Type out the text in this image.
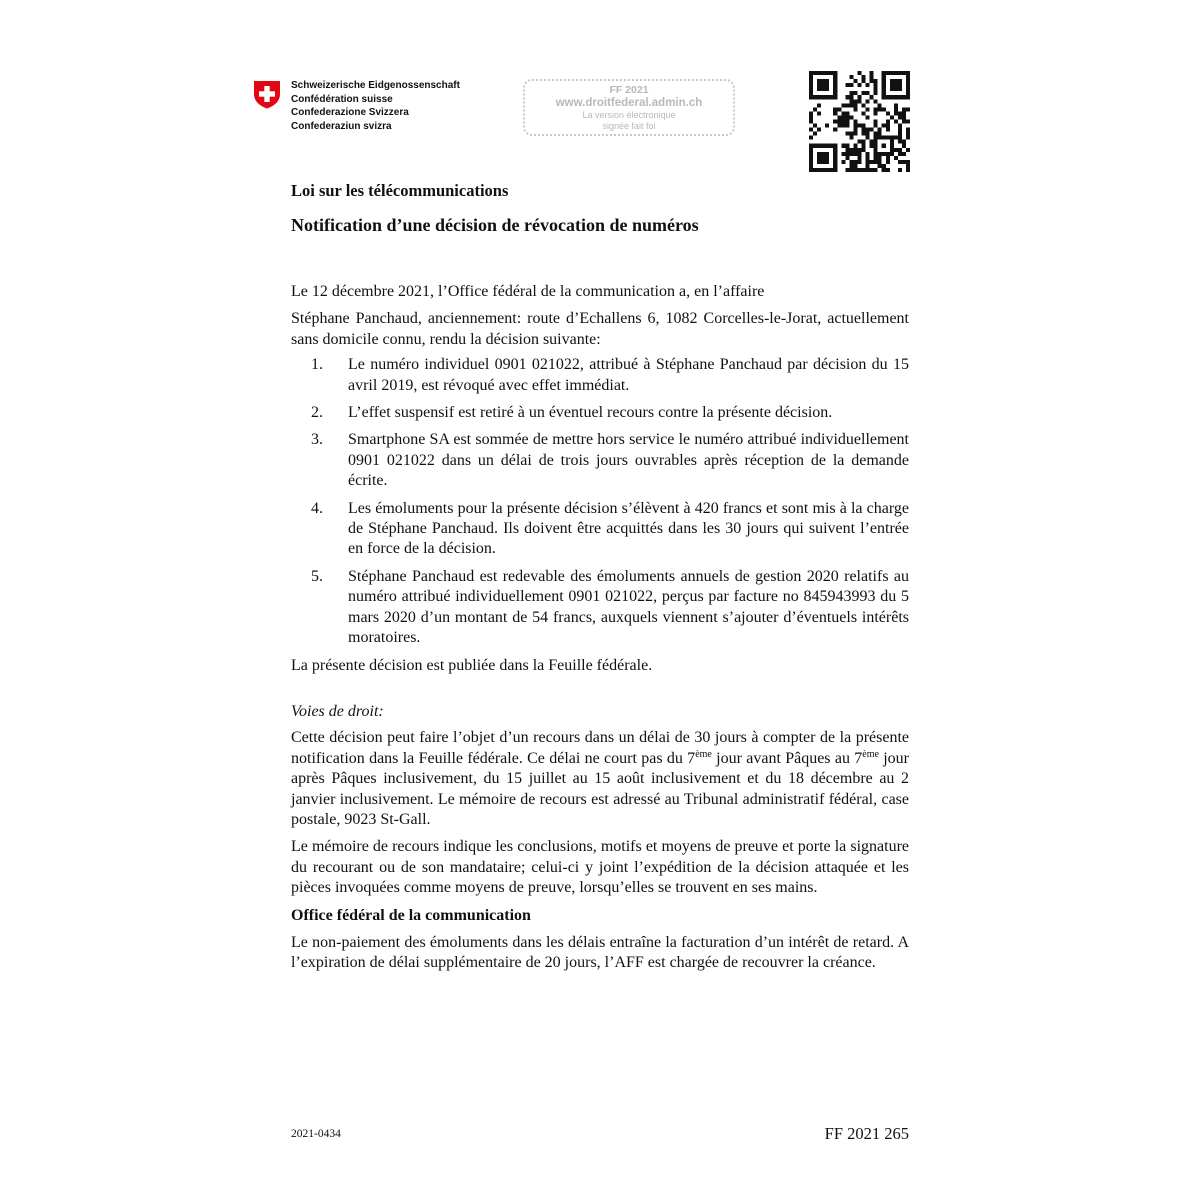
Schweizerische Eidgenossenschaft
Confédération suisse
Confederazione Svizzera
Confederaziun svizra
FF 2021
www.droitfederal.admin.ch
La version électronique
signée fait foi
Loi sur les télécommunications
Notification d’une décision de révocation de numéros

Le 12 décembre 2021, l’Office fédéral de la communication a, en l’affaire

Stéphane Panchaud, anciennement: route d’Echallens 6, 1082 Corcelles-le-Jorat, actuellement sans domicile connu, rendu la décision suivante:

1. Le numéro individuel 0901 021022, attribué à Stéphane Panchaud par décision du 15 avril 2019, est révoqué avec effet immédiat.
2. L’effet suspensif est retiré à un éventuel recours contre la présente décision.
3. Smartphone SA est sommée de mettre hors service le numéro attribué individuellement 0901 021022 dans un délai de trois jours ouvrables après réception de la demande écrite.
4. Les émoluments pour la présente décision s’élèvent à 420 francs et sont mis à la charge de Stéphane Panchaud. Ils doivent être acquittés dans les 30 jours qui suivent l’entrée en force de la décision.
5. Stéphane Panchaud est redevable des émoluments annuels de gestion 2020 relatifs au numéro attribué individuellement 0901 021022, perçus par facture no 845943993 du 5 mars 2020 d’un montant de 54 francs, auxquels viennent s’ajouter d’éventuels intérêts moratoires.

La présente décision est publiée dans la Feuille fédérale.

Voies de droit:

Cette décision peut faire l’objet d’un recours dans un délai de 30 jours à compter de la présente notification dans la Feuille fédérale. Ce délai ne court pas du 7ème jour avant Pâques au 7ème jour après Pâques inclusivement, du 15 juillet au 15 août inclusivement et du 18 décembre au 2 janvier inclusivement. Le mémoire de recours est adressé au Tribunal administratif fédéral, case postale, 9023 St-Gall.

Le mémoire de recours indique les conclusions, motifs et moyens de preuve et porte la signature du recourant ou de son mandataire; celui-ci y joint l’expédition de la décision attaquée et les pièces invoquées comme moyens de preuve, lorsqu’elles se trouvent en ses mains.

Office fédéral de la communication

Le non-paiement des émoluments dans les délais entraîne la facturation d’un intérêt de retard. A l’expiration de délai supplémentaire de 20 jours, l’AFF est chargée de recouvrer la créance.

2021-0434	FF 2021 265
